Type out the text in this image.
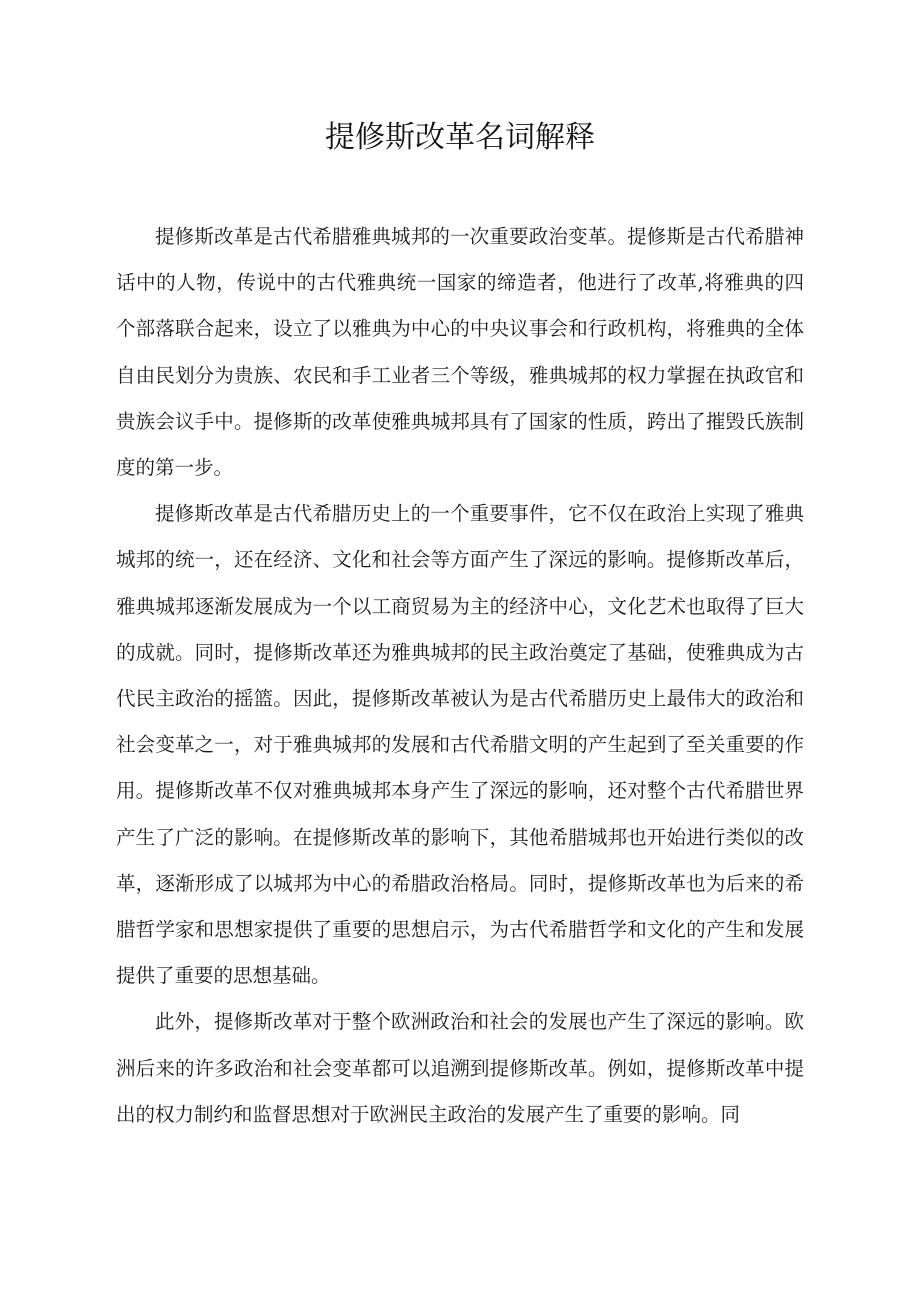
提修斯改革名词解释

提修斯改革是古代希腊雅典城邦的一次重要政治变革。提修斯是古代希腊神话中的人物，传说中的古代雅典统一国家的缔造者，他进行了改革,将雅典的四个部落联合起来，设立了以雅典为中心的中央议事会和行政机构，将雅典的全体自由民划分为贵族、农民和手工业者三个等级，雅典城邦的权力掌握在执政官和贵族会议手中。提修斯的改革使雅典城邦具有了国家的性质，跨出了摧毁氏族制度的第一步。

提修斯改革是古代希腊历史上的一个重要事件，它不仅在政治上实现了雅典城邦的统一，还在经济、文化和社会等方面产生了深远的影响。提修斯改革后，雅典城邦逐渐发展成为一个以工商贸易为主的经济中心，文化艺术也取得了巨大的成就。同时，提修斯改革还为雅典城邦的民主政治奠定了基础，使雅典成为古代民主政治的摇篮。因此，提修斯改革被认为是古代希腊历史上最伟大的政治和社会变革之一，对于雅典城邦的发展和古代希腊文明的产生起到了至关重要的作用。提修斯改革不仅对雅典城邦本身产生了深远的影响，还对整个古代希腊世界产生了广泛的影响。在提修斯改革的影响下，其他希腊城邦也开始进行类似的改革，逐渐形成了以城邦为中心的希腊政治格局。同时，提修斯改革也为后来的希腊哲学家和思想家提供了重要的思想启示，为古代希腊哲学和文化的产生和发展提供了重要的思想基础。

此外，提修斯改革对于整个欧洲政治和社会的发展也产生了深远的影响。欧洲后来的许多政治和社会变革都可以追溯到提修斯改革。例如，提修斯改革中提出的权力制约和监督思想对于欧洲民主政治的发展产生了重要的影响。同
